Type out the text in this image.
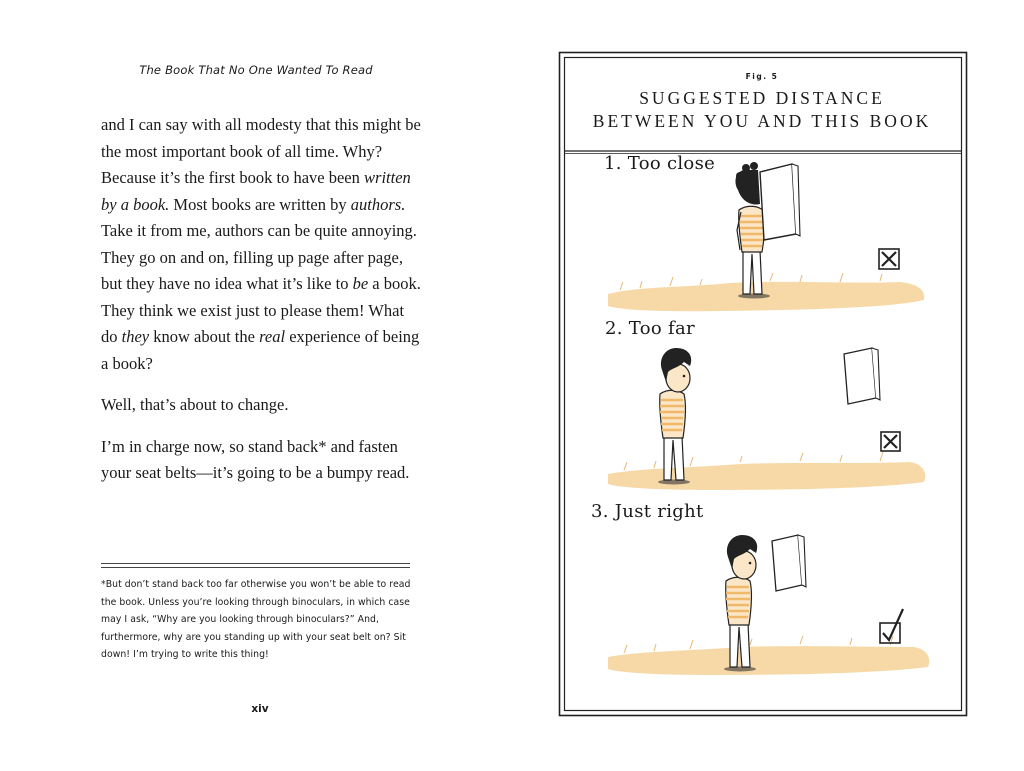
The Book That No One Wanted To Read

and I can say with all modesty that this might be the most important book of all time. Why? Because it’s the first book to have been written by a book. Most books are written by authors. Take it from me, authors can be quite annoying. They go on and on, filling up page after page, but they have no idea what it’s like to be a book. They think we exist just to please them! What do they know about the real experience of being a book?

Well, that’s about to change.

I’m in charge now, so stand back* and fasten your seat belts—it’s going to be a bumpy read.

*But don’t stand back too far otherwise you won’t be able to read the book. Unless you’re looking through binoculars, in which case may I ask, “Why are you looking through binoculars?” And, furthermore, why are you standing up with your seat belt on? Sit down! I’m trying to write this thing!
xiv
Fig. 5
SUGGESTED DISTANCE
BETWEEN YOU AND THIS BOOK
1. Too close
2. Too far
3. Just right
